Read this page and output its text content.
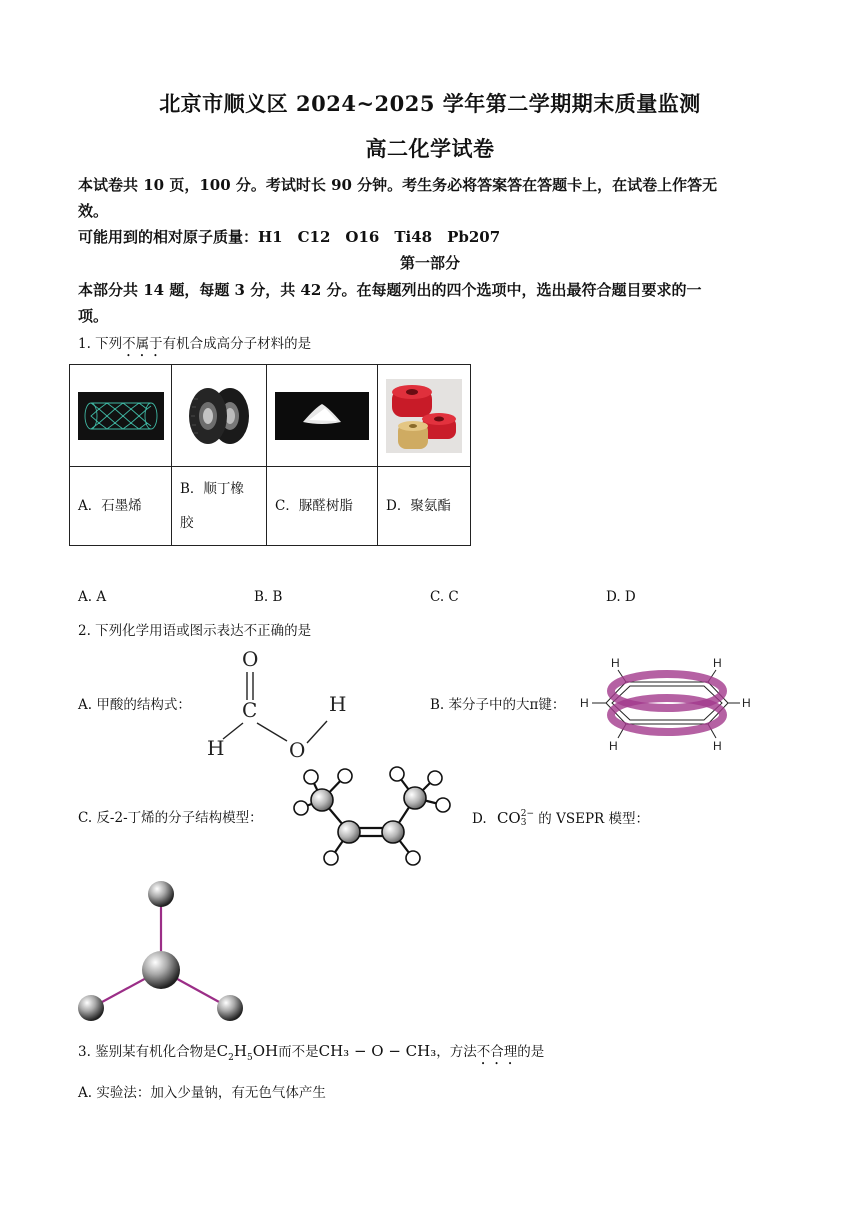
北京市顺义区 2024~2025 学年第二学期期末质量监测
高二化学试卷
本试卷共 10 页，100 分。考试时长 90 分钟。考生务必将答案答在答题卡上，在试卷上作答无
效。
可能用到的相对原子质量：H1　C12　O16　Ti48　Pb207
第一部分
本部分共 14 题，每题 3 分，共 42 分。在每题列出的四个选项中，选出最符合题目要求的一
项。
1. 下列不属于有机合成高分子材料的是

A．石墨烯	B．顺丁橡
胶	C．脲醛树脂	D．聚氨酯
A. A	B. B	C. C	D. D
2. 下列化学用语或图示表达不正确的是
A. 甲酸的结构式：
O
C
H	O
H	B. 苯分子中的大π键：
H	H
H	H
H	H
C. 反-2-丁烯的分子结构模型：	D. CO 2−
3 的 VSEPR 模型：
3. 鉴别某有机化合物是$C_2H_5OH$而不是CH₃ − O − CH₃，方法不合理的是
A. 实验法：加入少量钠，有无色气体产生
